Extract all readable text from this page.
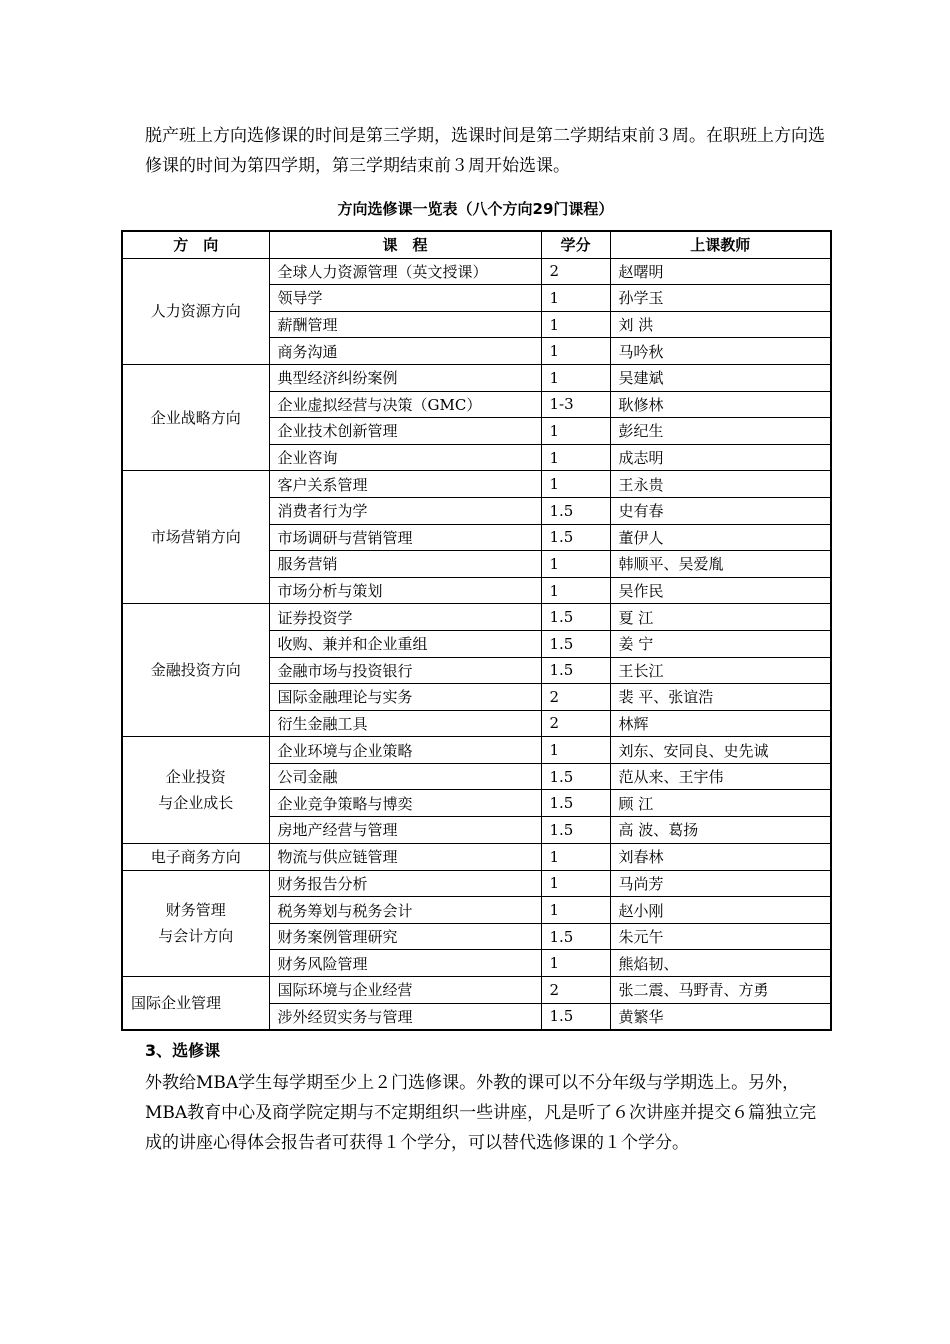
脱产班上方向选修课的时间是第三学期，选课时间是第二学期结束前３周。在职班上方向选修课的时间为第四学期，第三学期结束前３周开始选课。

方向选修课一览表（八个方向29门课程）
方　向	课　程	学分	上课教师

人力资源方向	全球人力资源管理（英文授课）	2	赵曙明
	领导学	1	孙学玉
	薪酬管理	1	刘 洪
	商务沟通	1	马吟秋

企业战略方向	典型经济纠纷案例	1	吴建斌
	企业虚拟经营与决策（GMC）	1-3	耿修林
	企业技术创新管理	1	彭纪生
	企业咨询	1	成志明

市场营销方向	客户关系管理	1	王永贵
	消费者行为学	1.5	史有春
	市场调研与营销管理	1.5	董伊人
	服务营销	1	韩顺平、吴爱胤
	市场分析与策划	1	吴作民

金融投资方向	证券投资学	1.5	夏 江
	收购、兼并和企业重组	1.5	姜 宁
	金融市场与投资银行	1.5	王长江
	国际金融理论与实务	2	裴 平、张谊浩
	衍生金融工具	2	林辉

企业投资
与企业成长	企业环境与企业策略	1	刘东、安同良、史先诚
	公司金融	1.5	范从来、王宇伟
	企业竞争策略与博奕	1.5	顾 江
	房地产经营与管理	1.5	高 波、葛扬

电子商务方向	物流与供应链管理	1	刘春林

财务管理
与会计方向	财务报告分析	1	马尚芳
	税务筹划与税务会计	1	赵小刚
	财务案例管理研究	1.5	朱元午
	财务风险管理	1	熊焰韧、

国际企业管理	国际环境与企业经营	2	张二震、马野青、方勇
	涉外经贸实务与管理	1.5	黄繁华
3、选修课

外教给MBA学生每学期至少上２门选修课。外教的课可以不分年级与学期选上。另外，MBA教育中心及商学院定期与不定期组织一些讲座，凡是听了６次讲座并提交６篇独立完成的讲座心得体会报告者可获得１个学分，可以替代选修课的１个学分。
